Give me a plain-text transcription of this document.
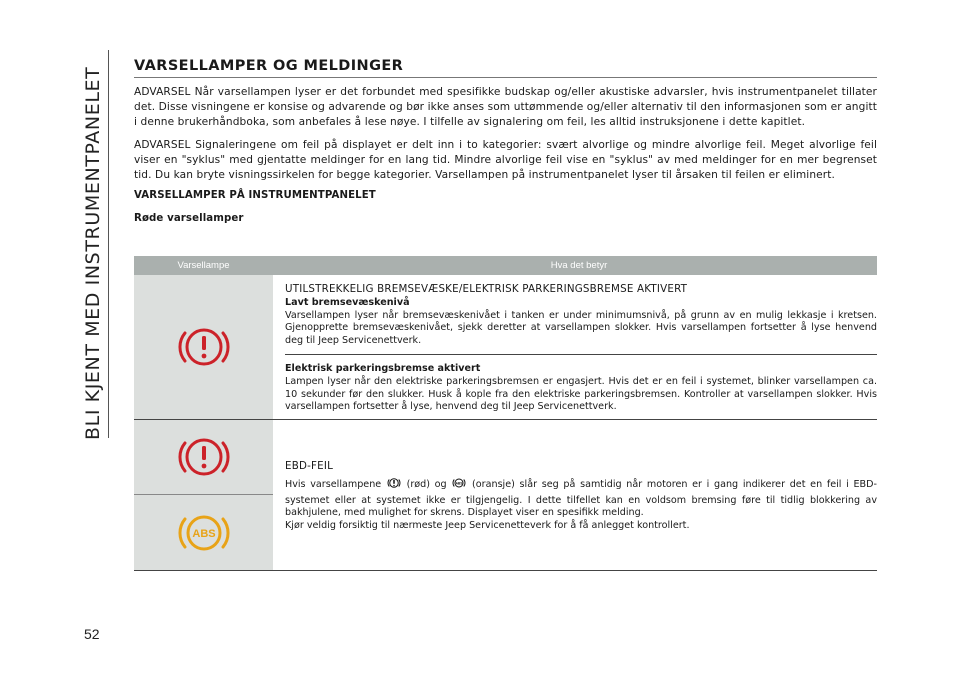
BLI KJENT MED INSTRUMENTPANELET
52
VARSELLAMPER OG MELDINGER

ADVARSEL Når varsellampen lyser er det forbundet med spesifikke budskap og/eller akustiske advarsler, hvis instrumentpanelet tillater det. Disse visningene er konsise og advarende og bør ikke anses som uttømmende og/eller alternativ til den informasjonen som er angitt i denne brukerhåndboka, som anbefales å lese nøye. I tilfelle av signalering om feil, les alltid instruksjonene i dette kapitlet.

ADVARSEL Signaleringene om feil på displayet er delt inn i to kategorier: svært alvorlige og mindre alvorlige feil. Meget alvorlige feil viser en "syklus" med gjentatte meldinger for en lang tid. Mindre alvorlige feil vise en "syklus" av med meldinger for en mer begrenset tid. Du kan bryte visningssirkelen for begge kategorier. Varsellampen på instrumentpanelet lyser til årsaken til feilen er eliminert.

VARSELLAMPER PÅ INSTRUMENTPANELET
Røde varsellamper
Varsellampe	Hva det betyr
UTILSTREKKELIG BREMSEVÆSKE/ELEKTRISK PARKERINGSBREMSE AKTIVERT
Lavt bremsevæskenivå
Varsellampen lyser når bremsevæskenivået i tanken er under minimumsnivå, på grunn av en mulig lekkasje i kretsen. Gjenopprette bremsevæskenivået, sjekk deretter at varsellampen slokker. Hvis varsellampen fortsetter å lyse henvend deg til Jeep Servicenettverk.
Elektrisk parkeringsbremse aktivert
Lampen lyser når den elektriske parkeringsbremsen er engasjert. Hvis det er en feil i systemet, blinker varsellampen ca. 10 sekunder før den slukker. Husk å kople fra den elektriske parkeringsbremsen. Kontroller at varsellampen slokker. Hvis varsellampen fortsetter å lyse, henvend deg til Jeep Servicenettverk.
ABS
EBD-FEIL
Hvis varsellampene	(rød) og ABS (oransje) slår seg på samtidig når motoren er i gang indikerer det en feil i EBD-systemet eller at systemet ikke er tilgjengelig. I dette tilfellet kan en voldsom bremsing føre til tidlig blokkering av bakhjulene, med mulighet for skrens. Displayet viser en spesifikk melding.
Kjør veldig forsiktig til nærmeste Jeep Servicenetteverk for å få anlegget kontrollert.
